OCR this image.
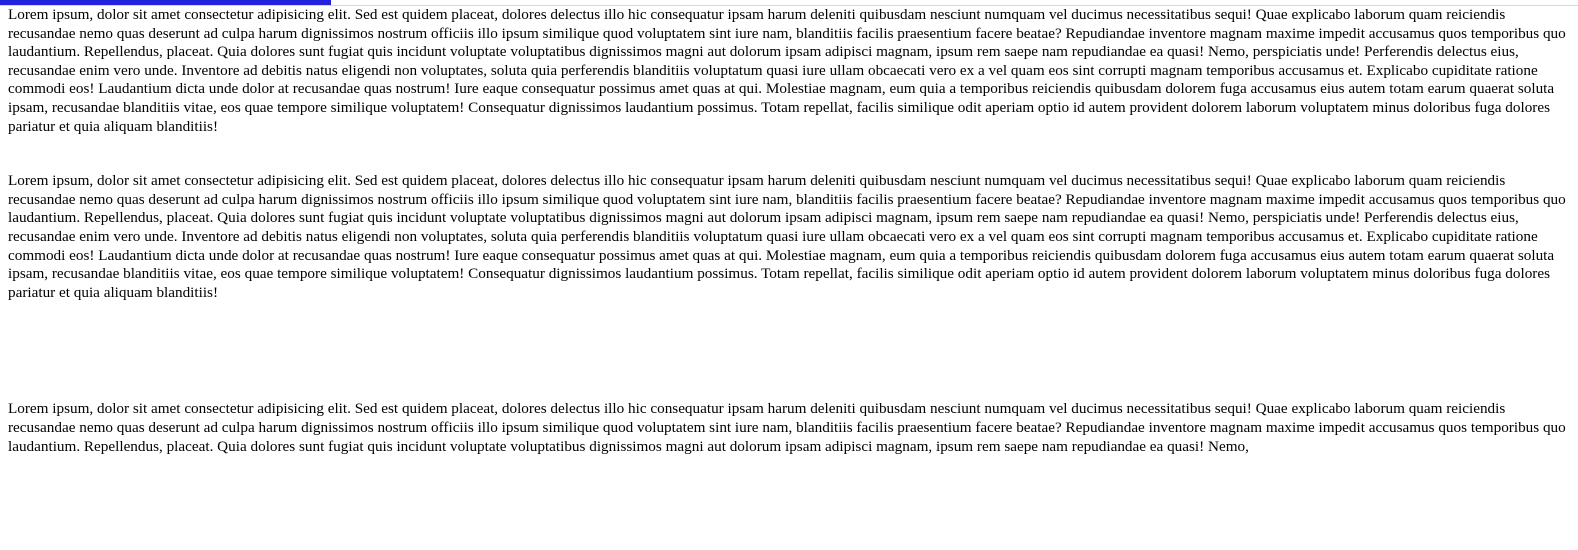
Lorem ipsum, dolor sit amet consectetur adipisicing elit. Sed est quidem placeat, dolores delectus illo hic consequatur ipsam harum deleniti quibusdam nesciunt numquam vel ducimus necessitatibus sequi! Quae explicabo laborum quam reiciendis recusandae nemo quas deserunt ad culpa harum dignissimos nostrum officiis illo ipsum similique quod voluptatem sint iure nam, blanditiis facilis praesentium facere beatae? Repudiandae inventore magnam maxime impedit accusamus quos temporibus quo laudantium. Repellendus, placeat. Quia dolores sunt fugiat quis incidunt voluptate voluptatibus dignissimos magni aut dolorum ipsam adipisci magnam, ipsum rem saepe nam repudiandae ea quasi! Nemo, perspiciatis unde! Perferendis delectus eius, recusandae enim vero unde. Inventore ad debitis natus eligendi non voluptates, soluta quia perferendis blanditiis voluptatum quasi iure ullam obcaecati vero ex a vel quam eos sint corrupti magnam temporibus accusamus et. Explicabo cupiditate ratione commodi eos! Laudantium dicta unde dolor at recusandae quas nostrum! Iure eaque consequatur possimus amet quas at qui. Molestiae magnam, eum quia a temporibus reiciendis quibusdam dolorem fuga accusamus eius autem totam earum quaerat soluta ipsam, recusandae blanditiis vitae, eos quae tempore similique voluptatem! Consequatur dignissimos laudantium possimus. Totam repellat, facilis similique odit aperiam optio id autem provident dolorem laborum voluptatem minus doloribus fuga dolores pariatur et quia aliquam blanditiis!

Lorem ipsum, dolor sit amet consectetur adipisicing elit. Sed est quidem placeat, dolores delectus illo hic consequatur ipsam harum deleniti quibusdam nesciunt numquam vel ducimus necessitatibus sequi! Quae explicabo laborum quam reiciendis recusandae nemo quas deserunt ad culpa harum dignissimos nostrum officiis illo ipsum similique quod voluptatem sint iure nam, blanditiis facilis praesentium facere beatae? Repudiandae inventore magnam maxime impedit accusamus quos temporibus quo laudantium. Repellendus, placeat. Quia dolores sunt fugiat quis incidunt voluptate voluptatibus dignissimos magni aut dolorum ipsam adipisci magnam, ipsum rem saepe nam repudiandae ea quasi! Nemo, perspiciatis unde! Perferendis delectus eius, recusandae enim vero unde. Inventore ad debitis natus eligendi non voluptates, soluta quia perferendis blanditiis voluptatum quasi iure ullam obcaecati vero ex a vel quam eos sint corrupti magnam temporibus accusamus et. Explicabo cupiditate ratione commodi eos! Laudantium dicta unde dolor at recusandae quas nostrum! Iure eaque consequatur possimus amet quas at qui. Molestiae magnam, eum quia a temporibus reiciendis quibusdam dolorem fuga accusamus eius autem totam earum quaerat soluta ipsam, recusandae blanditiis vitae, eos quae tempore similique voluptatem! Consequatur dignissimos laudantium possimus. Totam repellat, facilis similique odit aperiam optio id autem provident dolorem laborum voluptatem minus doloribus fuga dolores pariatur et quia aliquam blanditiis!

Lorem ipsum, dolor sit amet consectetur adipisicing elit. Sed est quidem placeat, dolores delectus illo hic consequatur ipsam harum deleniti quibusdam nesciunt numquam vel ducimus necessitatibus sequi! Quae explicabo laborum quam reiciendis recusandae nemo quas deserunt ad culpa harum dignissimos nostrum officiis illo ipsum similique quod voluptatem sint iure nam, blanditiis facilis praesentium facere beatae? Repudiandae inventore magnam maxime impedit accusamus quos temporibus quo laudantium. Repellendus, placeat. Quia dolores sunt fugiat quis incidunt voluptate voluptatibus dignissimos magni aut dolorum ipsam adipisci magnam, ipsum rem saepe nam repudiandae ea quasi! Nemo,
